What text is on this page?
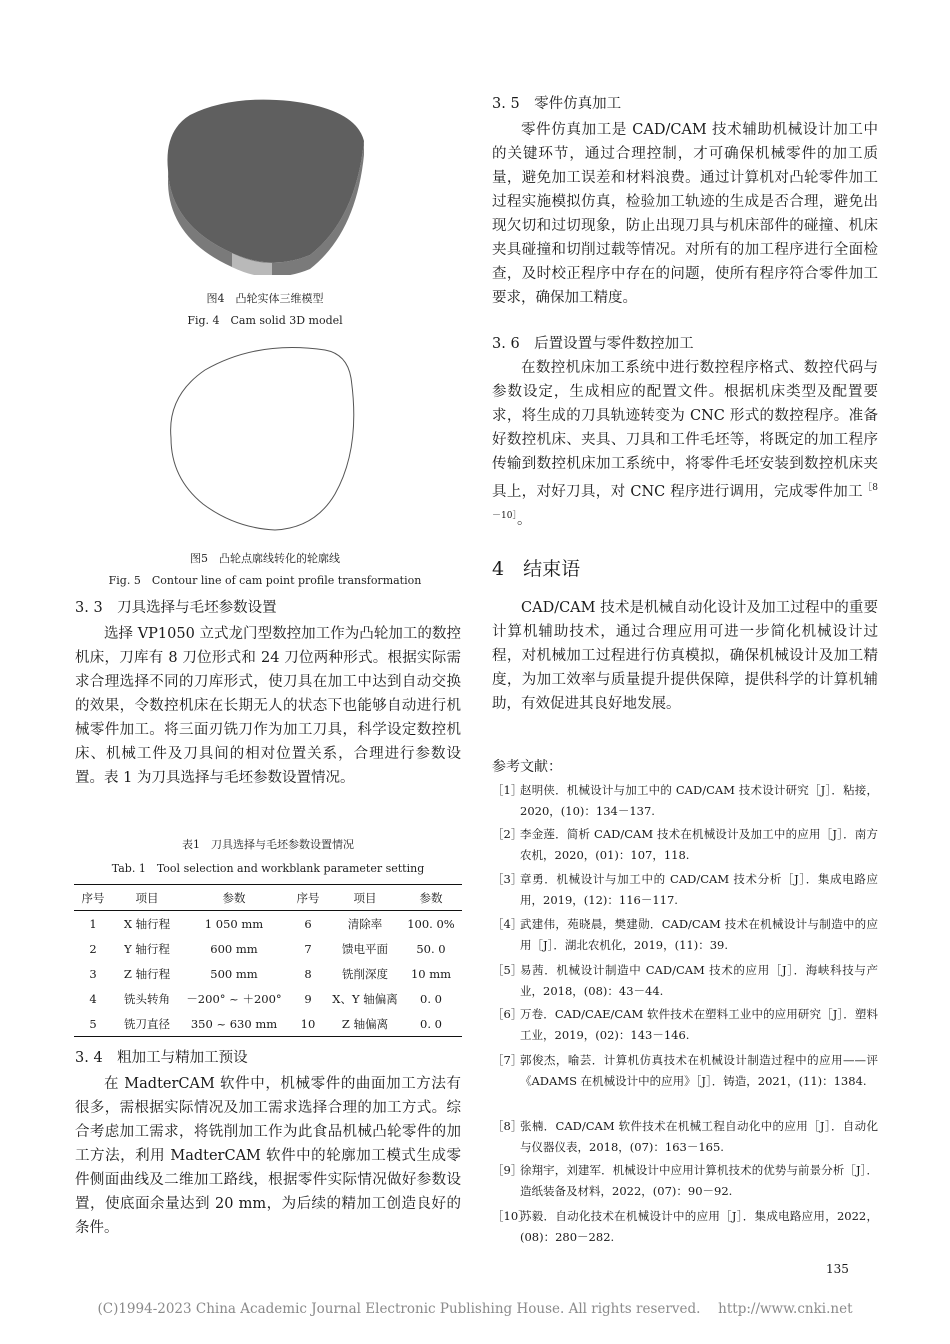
图4　凸轮实体三维模型
Fig. 4　Cam solid 3D model
图5　凸轮点廓线转化的轮廓线
Fig. 5　Contour line of cam point profile transformation
3. 3　刀具选择与毛坯参数设置

选择 VP1050 立式龙门型数控加工作为凸轮加工的数控机床，刀库有 8 刀位形式和 24 刀位两种形式。根据实际需求合理选择不同的刀库形式，使刀具在加工中达到自动交换的效果，令数控机床在长期无人的状态下也能够自动进行机械零件加工。将三面刃铣刀作为加工刀具，科学设定数控机床、机械工件及刀具间的相对位置关系，合理进行参数设置。表 1 为刀具选择与毛坯参数设置情况。

表1　刀具选择与毛坯参数设置情况
Tab. 1　Tool selection and workblank parameter setting
序号	项目	参数	序号	项目	参数
1	X 轴行程	1 050 mm	6	清除率	100. 0%
2	Y 轴行程	600 mm	7	馈电平面	50. 0
3	Z 轴行程	500 mm	8	铣削深度	10 mm
4	铣头转角	－200° ~ ＋200°	9	X、Y 轴偏离	0. 0
5	铣刀直径	350 ~ 630 mm	10	Z 轴偏离	0. 0
3. 4　粗加工与精加工预设

在 MadterCAM 软件中，机械零件的曲面加工方法有很多，需根据实际情况及加工需求选择合理的加工方式。综合考虑加工需求，将铣削加工作为此食品机械凸轮零件的加工方法，利用 MadterCAM 软件中的轮廓加工模式生成零件侧面曲线及二维加工路线，根据零件实际情况做好参数设置，使底面余量达到 20 mm，为后续的精加工创造良好的条件。

3. 5　零件仿真加工

零件仿真加工是 CAD/CAM 技术辅助机械设计加工中的关键环节，通过合理控制，才可确保机械零件的加工质量，避免加工误差和材料浪费。通过计算机对凸轮零件加工过程实施模拟仿真，检验加工轨迹的生成是否合理，避免出现欠切和过切现象，防止出现刀具与机床部件的碰撞、机床夹具碰撞和切削过载等情况。对所有的加工程序进行全面检查，及时校正程序中存在的问题，使所有程序符合零件加工要求，确保加工精度。

3. 6　后置设置与零件数控加工

在数控机床加工系统中进行数控程序格式、数控代码与参数设定，生成相应的配置文件。根据机床类型及配置要求，将生成的刀具轨迹转变为 CNC 形式的数控程序。准备好数控机床、夹具、刀具和工件毛坯等，将既定的加工程序传输到数控机床加工系统中，将零件毛坯安装到数控机床夹具上，对好刀具，对 CNC 程序进行调用，完成零件加工$^{[8-10]}$。

4　结束语

CAD/CAM 技术是机械自动化设计及加工过程中的重要计算机辅助技术，通过合理应用可进一步简化机械设计过程，对机械加工过程进行仿真模拟，确保机械设计及加工精度，为加工效率与质量提升提供保障，提供科学的计算机辅助，有效促进其良好地发展。

参考文献：
［1］
赵明侠．机械设计与加工中的 CAD/CAM 技术设计研究［J］．粘接，2020，(10)：134－137.
［2］
李金莲．简析 CAD/CAM 技术在机械设计及加工中的应用［J］．南方农机，2020，(01)：107，118.
［3］
章勇．机械设计与加工中的 CAD/CAM 技术分析［J］．集成电路应用，2019，(12)：116－117.
［4］
武建伟，苑晓晨，樊建勋．CAD/CAM 技术在机械设计与制造中的应用［J］．湖北农机化，2019，(11)：39.
［5］
易茜．机械设计制造中 CAD/CAM 技术的应用［J］．海峡科技与产业，2018，(08)：43－44.
［6］
万卷．CAD/CAE/CAM 软件技术在塑料工业中的应用研究［J］．塑料工业，2019，(02)：143－146.
［7］
郭俊杰，喻芸．计算机仿真技术在机械设计制造过程中的应用——评《ADAMS 在机械设计中的应用》［J］．铸造，2021，(11)：1384.
［8］
张楠．CAD/CAM 软件技术在机械工程自动化中的应用［J］．自动化与仪器仪表，2018，(07)：163－165.
［9］
徐翔宇，刘建军．机械设计中应用计算机技术的优势与前景分析［J］．造纸装备及材料，2022，(07)：90－92.
［10］
苏毅．自动化技术在机械设计中的应用［J］．集成电路应用，2022，(08)：280－282.
135
(C)1994-2023 China Academic Journal Electronic Publishing House. All rights reserved.　 http://www.cnki.net
